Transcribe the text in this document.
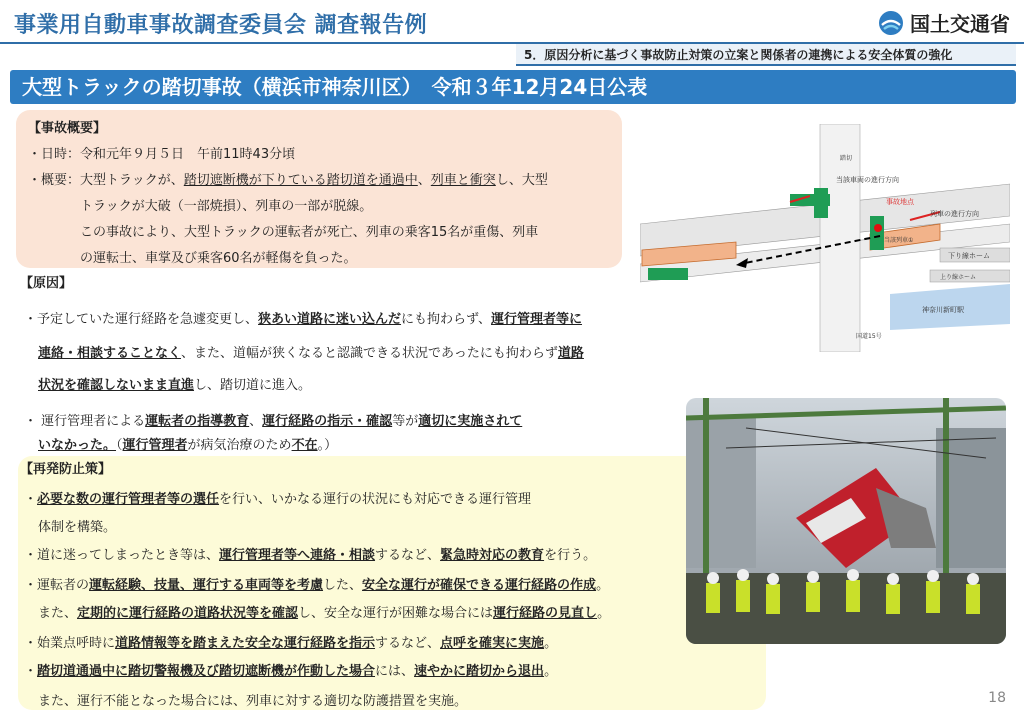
事業用自動車事故調査委員会 調査報告例	国土交通省
5．原因分析に基づく事故防止対策の立案と関係者の連携による安全体質の強化
大型トラックの踏切事故（横浜市神奈川区）　令和３年12月24日公表
【事故概要】
・日時：令和元年９月５日　午前11時43分頃
・概要：大型トラックが、踏切遮断機が下りている踏切道を通過中、列車と衝突し、大型
トラックが大破（一部焼損）、列車の一部が脱線。
この事故により、大型トラックの運転者が死亡、列車の乗客15名が重傷、列車
の運転士、車掌及び乗客60名が軽傷を負った。
【原因】
・予定していた運行経路を急遽変更し、狭あい道路に迷い込んだにも拘わらず、運行管理者等に
連絡・相談することなく、また、道幅が狭くなると認識できる状況であったにも拘わらず道路
状況を確認しないまま直進し、踏切道に進入。
・ 運行管理者による運転者の指導教育、運行経路の指示・確認等が適切に実施されて
いなかった。（運行管理者が病気治療のため不在。）
【再発防止策】
・必要な数の運行管理者等の選任を行い、いかなる運行の状況にも対応できる運行管理
体制を構築。
・道に迷ってしまったとき等は、運行管理者等へ連絡・相談するなど、緊急時対応の教育を行う。
・運転者の運転経験、技量、運行する車両等を考慮した、安全な運行が確保できる運行経路の作成。
また、定期的に運行経路の道路状況等を確認し、安全な運行が困難な場合には運行経路の見直し。
・始業点呼時に道路情報等を踏まえた安全な運行経路を指示するなど、点呼を確実に実施。
・踏切道通過中に踏切警報機及び踏切遮断機が作動した場合には、速やかに踏切から退出。
また、運行不能となった場合には、列車に対する適切な防護措置を実施。
神奈川新町駅
下り線ホーム
上り線ホーム
当該列車①
事故地点
当該車両の進行方向
列車の進行方向
国道15号
踏切
18
